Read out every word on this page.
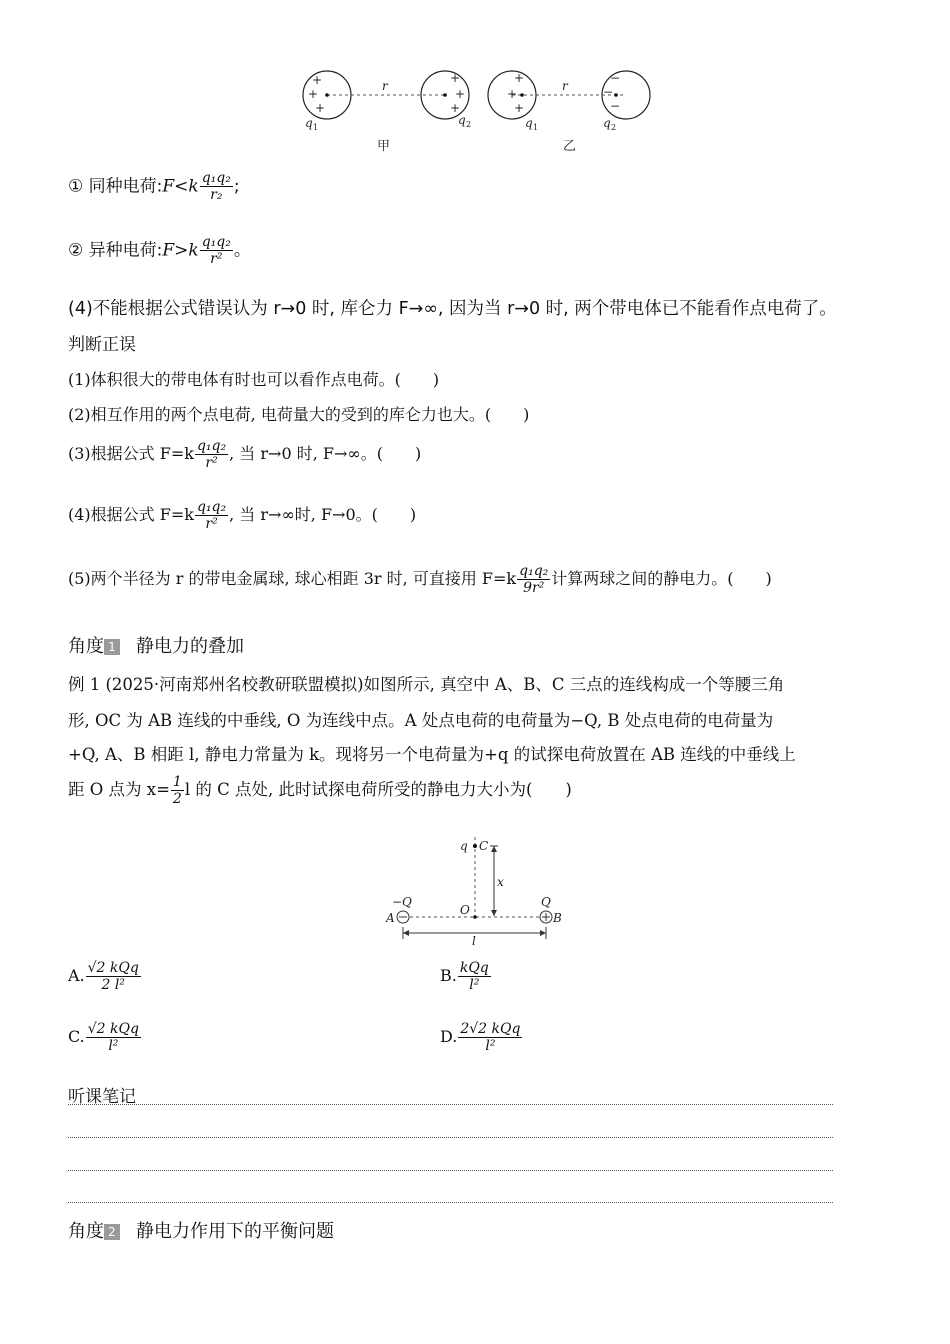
+
+
+
+
+
+
r
q 1
q 2
+
+
+
−
−
−
r
q 1	q 2
甲	乙
① 同种电荷:F<k $\frac{\text{q₁q₂}}{\text{r₂}}$ ;
② 异种电荷:F>k $\frac{\text{q₁q₂}}{\text{r²}}$ 。
(4)不能根据公式错误认为 r→0 时, 库仑力 F→∞, 因为当 r→0 时, 两个带电体已不能看作点电荷了。
判断正误
(1)体积很大的带电体有时也可以看作点电荷。(　　)
(2)相互作用的两个点电荷, 电荷量大的受到的库仑力也大。(　　)
(3)根据公式 $F=k \frac{\text{q₁q₂}}{\text{r²}}$ , 当 r→0 时, F→∞。(　　)
(4)根据公式 $F=k \frac{\text{q₁q₂}}{\text{r²}}$ , 当 r→∞时, F→0。(　　)
(5)两个半径为 r 的带电金属球, 球心相距 3r 时, 可直接用 $F=k \frac{\text{q₁q₂}}{\text{9r²}}$ 计算两球之间的静电力。(　　)
角度 1 静电力的叠加
例 1 (2025·河南郑州名校教研联盟模拟)如图所示, 真空中 A、B、C 三点的连线构成一个等腰三角
形, OC 为 AB 连线的中垂线, O 为连线中点。A 处点电荷的电荷量为−Q, B 处点电荷的电荷量为
+Q, A、B 相距 l, 静电力常量为 k。现将另一个电荷量为+q 的试探电荷放置在 AB 连线的中垂线上
距 O 点为 $x= \frac{1}{2}$ l 的 C 点处, 此时试探电荷所受的静电力大小为(　　)
q C
x
−Q	Q
A
O
B
l
A. $\frac{\text{√2 kQq}}{\text{2 l²}}$	B. $\frac{\text{kQq}}{\text{l²}}$
C. $\frac{\text{√2 kQq}}{\text{l²}}$	D. $\frac{\text{2√2 kQq}}{\text{l²}}$
听课笔记
角度 2 静电力作用下的平衡问题
